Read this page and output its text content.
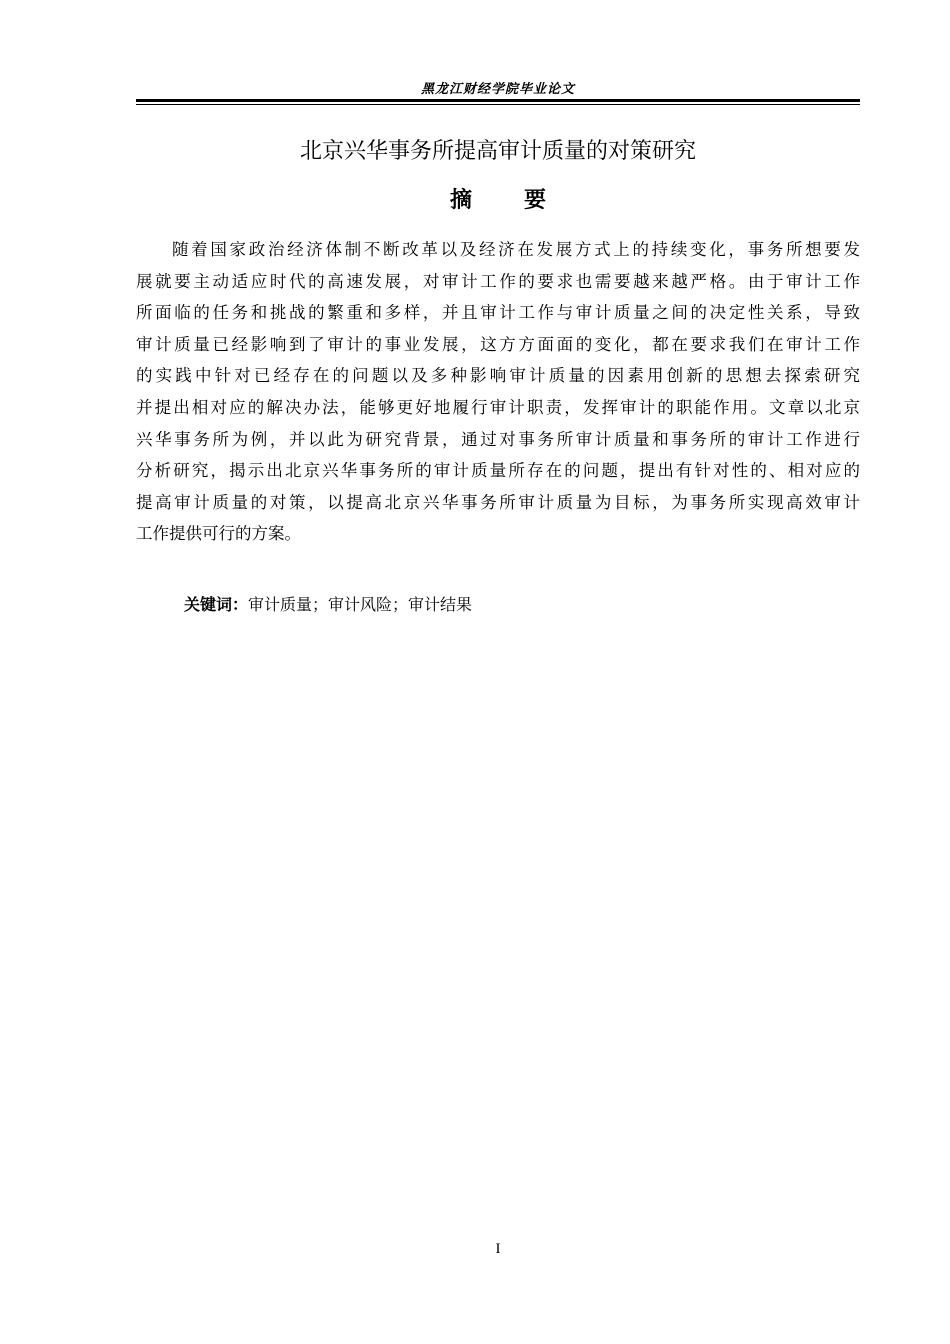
黑龙江财经学院毕业论文
北京兴华事务所提高审计质量的对策研究
摘要
随着国家政治经济体制不断改革以及经济在发展方式上的持续变化，事务所想要发
展就要主动适应时代的高速发展，对审计工作的要求也需要越来越严格。由于审计工作
所面临的任务和挑战的繁重和多样，并且审计工作与审计质量之间的决定性关系，导致
审计质量已经影响到了审计的事业发展，这方方面面的变化，都在要求我们在审计工作
的实践中针对已经存在的问题以及多种影响审计质量的因素用创新的思想去探索研究
并提出相对应的解决办法，能够更好地履行审计职责，发挥审计的职能作用。文章以北京
兴华事务所为例，并以此为研究背景，通过对事务所审计质量和事务所的审计工作进行
分析研究，揭示出北京兴华事务所的审计质量所存在的问题，提出有针对性的、相对应的
提高审计质量的对策，以提高北京兴华事务所审计质量为目标，为事务所实现高效审计
工作提供可行的方案。
关键词：审计质量；审计风险；审计结果
I
